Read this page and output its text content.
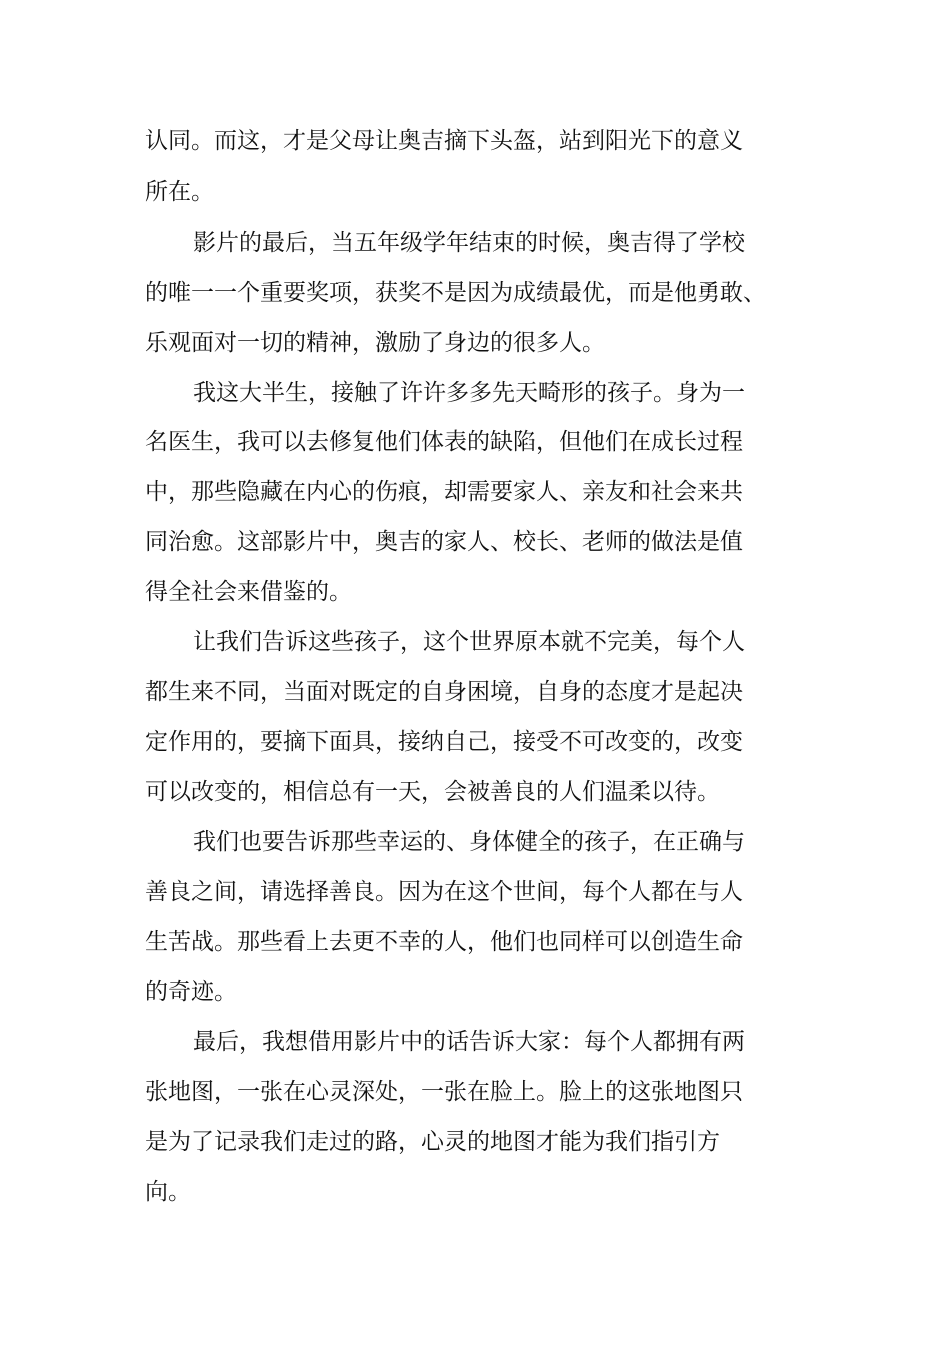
认同。而这，才是父母让奥吉摘下头盔，站到阳光下的意义
所在。
影片的最后，当五年级学年结束的时候，奥吉得了学校
的唯一一个重要奖项，获奖不是因为成绩最优，而是他勇敢、
乐观面对一切的精神，激励了身边的很多人。
我这大半生，接触了许许多多先天畸形的孩子。身为一
名医生，我可以去修复他们体表的缺陷，但他们在成长过程
中，那些隐藏在内心的伤痕，却需要家人、亲友和社会来共
同治愈。这部影片中，奥吉的家人、校长、老师的做法是值
得全社会来借鉴的。
让我们告诉这些孩子，这个世界原本就不完美，每个人
都生来不同，当面对既定的自身困境，自身的态度才是起决
定作用的，要摘下面具，接纳自己，接受不可改变的，改变
可以改变的，相信总有一天，会被善良的人们温柔以待。
我们也要告诉那些幸运的、身体健全的孩子，在正确与
善良之间，请选择善良。因为在这个世间，每个人都在与人
生苦战。那些看上去更不幸的人，他们也同样可以创造生命
的奇迹。
最后，我想借用影片中的话告诉大家：每个人都拥有两
张地图，一张在心灵深处，一张在脸上。脸上的这张地图只
是为了记录我们走过的路，心灵的地图才能为我们指引方
向。
